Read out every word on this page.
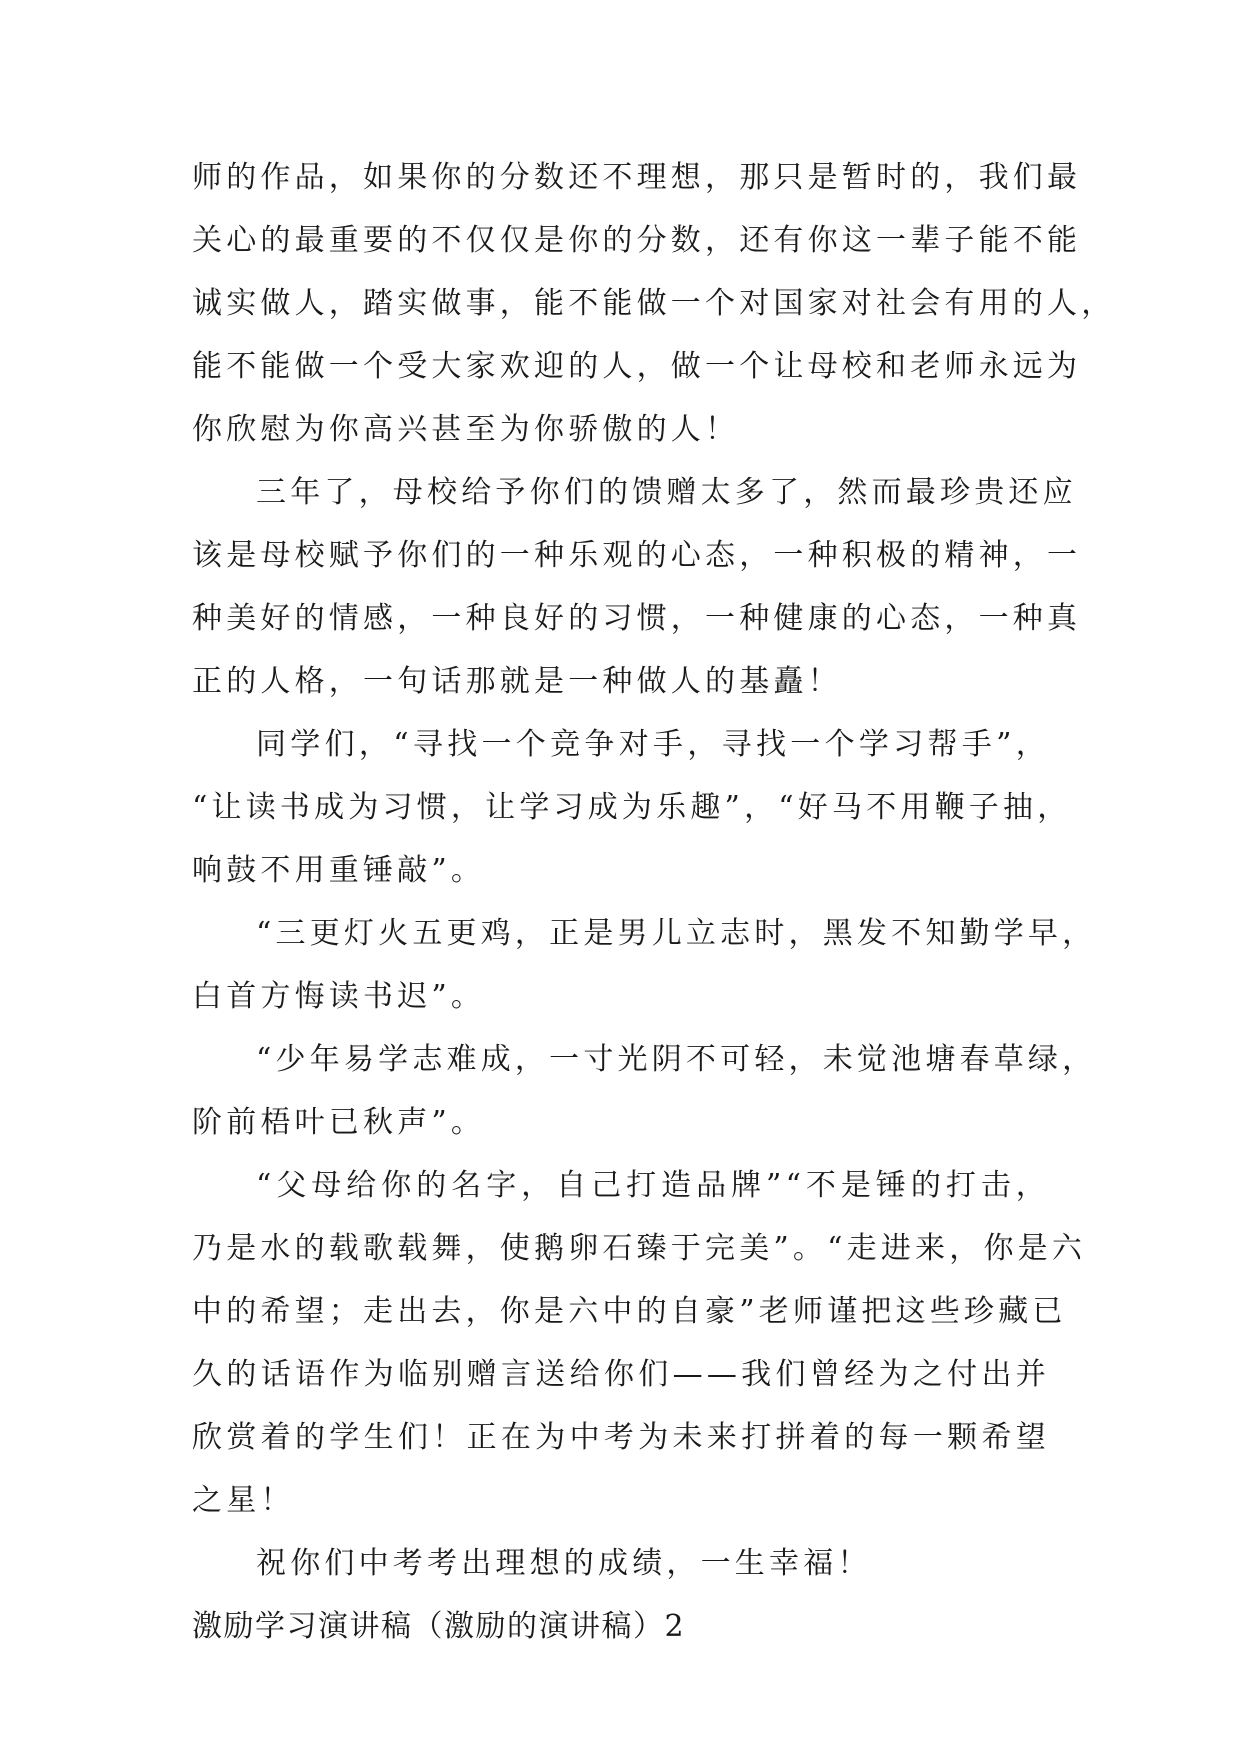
师的作品，如果你的分数还不理想，那只是暂时的，我们最
关心的最重要的不仅仅是你的分数，还有你这一辈子能不能
诚实做人，踏实做事，能不能做一个对国家对社会有用的人，
能不能做一个受大家欢迎的人，做一个让母校和老师永远为
你欣慰为你高兴甚至为你骄傲的人！
三年了，母校给予你们的馈赠太多了，然而最珍贵还应
该是母校赋予你们的一种乐观的心态，一种积极的精神，一
种美好的情感，一种良好的习惯，一种健康的心态，一种真
正的人格，一句话那就是一种做人的基矗！
同学们，“寻找一个竞争对手，寻找一个学习帮手”，
“让读书成为习惯，让学习成为乐趣”，“好马不用鞭子抽，
响鼓不用重锤敲”。
“三更灯火五更鸡，正是男儿立志时，黑发不知勤学早，
白首方悔读书迟”。
“少年易学志难成，一寸光阴不可轻，未觉池塘春草绿，
阶前梧叶已秋声”。
“父母给你的名字，自己打造品牌”“不是锤的打击，
乃是水的载歌载舞，使鹅卵石臻于完美”。“走进来，你是六
中的希望；走出去，你是六中的自豪”老师谨把这些珍藏已
久的话语作为临别赠言送给你们——我们曾经为之付出并
欣赏着的学生们！正在为中考为未来打拼着的每一颗希望
之星！
祝你们中考考出理想的成绩，一生幸福！
激励学习演讲稿（激励的演讲稿）2
